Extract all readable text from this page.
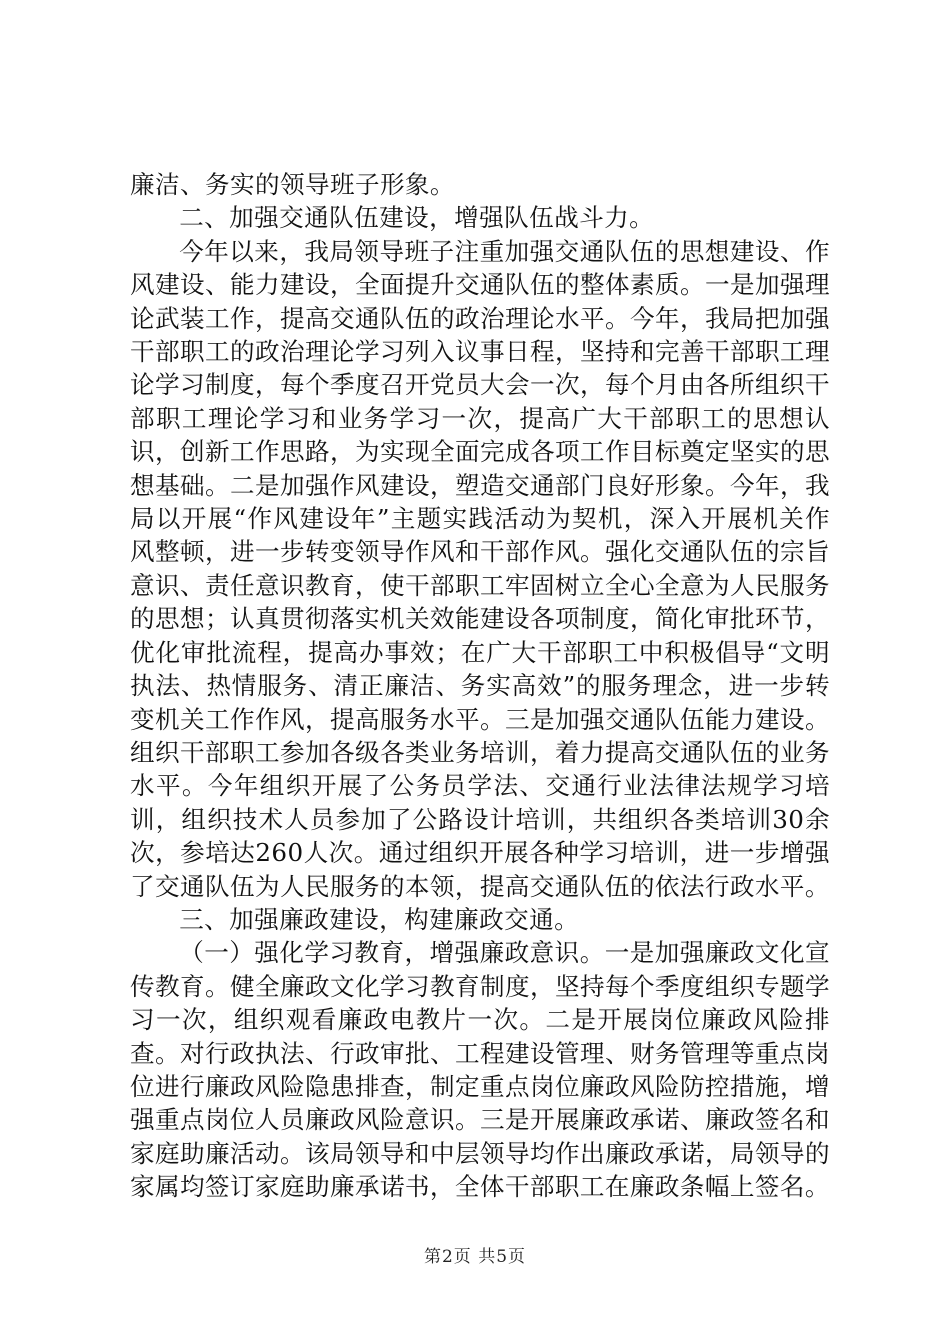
廉洁、务实的领导班子形象。

二、加强交通队伍建设，增强队伍战斗力。

今年以来，我局领导班子注重加强交通队伍的思想建设、作风建设、能力建设，全面提升交通队伍的整体素质。一是加强理论武装工作，提高交通队伍的政治理论水平。今年，我局把加强干部职工的政治理论学习列入议事日程，坚持和完善干部职工理论学习制度，每个季度召开党员大会一次，每个月由各所组织干部职工理论学习和业务学习一次，提高广大干部职工的思想认识，创新工作思路，为实现全面完成各项工作目标奠定坚实的思想基础。二是加强作风建设，塑造交通部门良好形象。今年，我局以开展“作风建设年”主题实践活动为契机，深入开展机关作风整顿，进一步转变领导作风和干部作风。强化交通队伍的宗旨意识、责任意识教育，使干部职工牢固树立全心全意为人民服务的思想；认真贯彻落实机关效能建设各项制度，简化审批环节，优化审批流程，提高办事效；在广大干部职工中积极倡导“文明执法、热情服务、清正廉洁、务实高效”的服务理念，进一步转变机关工作作风，提高服务水平。三是加强交通队伍能力建设。组织干部职工参加各级各类业务培训，着力提高交通队伍的业务水平。今年组织开展了公务员学法、交通行业法律法规学习培训，组织技术人员参加了公路设计培训，共组织各类培训30余次，参培达260人次。通过组织开展各种学习培训，进一步增强了交通队伍为人民服务的本领，提高交通队伍的依法行政水平。

三、加强廉政建设，构建廉政交通。

（一）强化学习教育，增强廉政意识。一是加强廉政文化宣传教育。健全廉政文化学习教育制度，坚持每个季度组织专题学习一次，组织观看廉政电教片一次。二是开展岗位廉政风险排查。对行政执法、行政审批、工程建设管理、财务管理等重点岗位进行廉政风险隐患排查，制定重点岗位廉政风险防控措施，增强重点岗位人员廉政风险意识。三是开展廉政承诺、廉政签名和家庭助廉活动。该局领导和中层领导均作出廉政承诺，局领导的家属均签订家庭助廉承诺书，全体干部职工在廉政条幅上签名。

第2页 共5页
